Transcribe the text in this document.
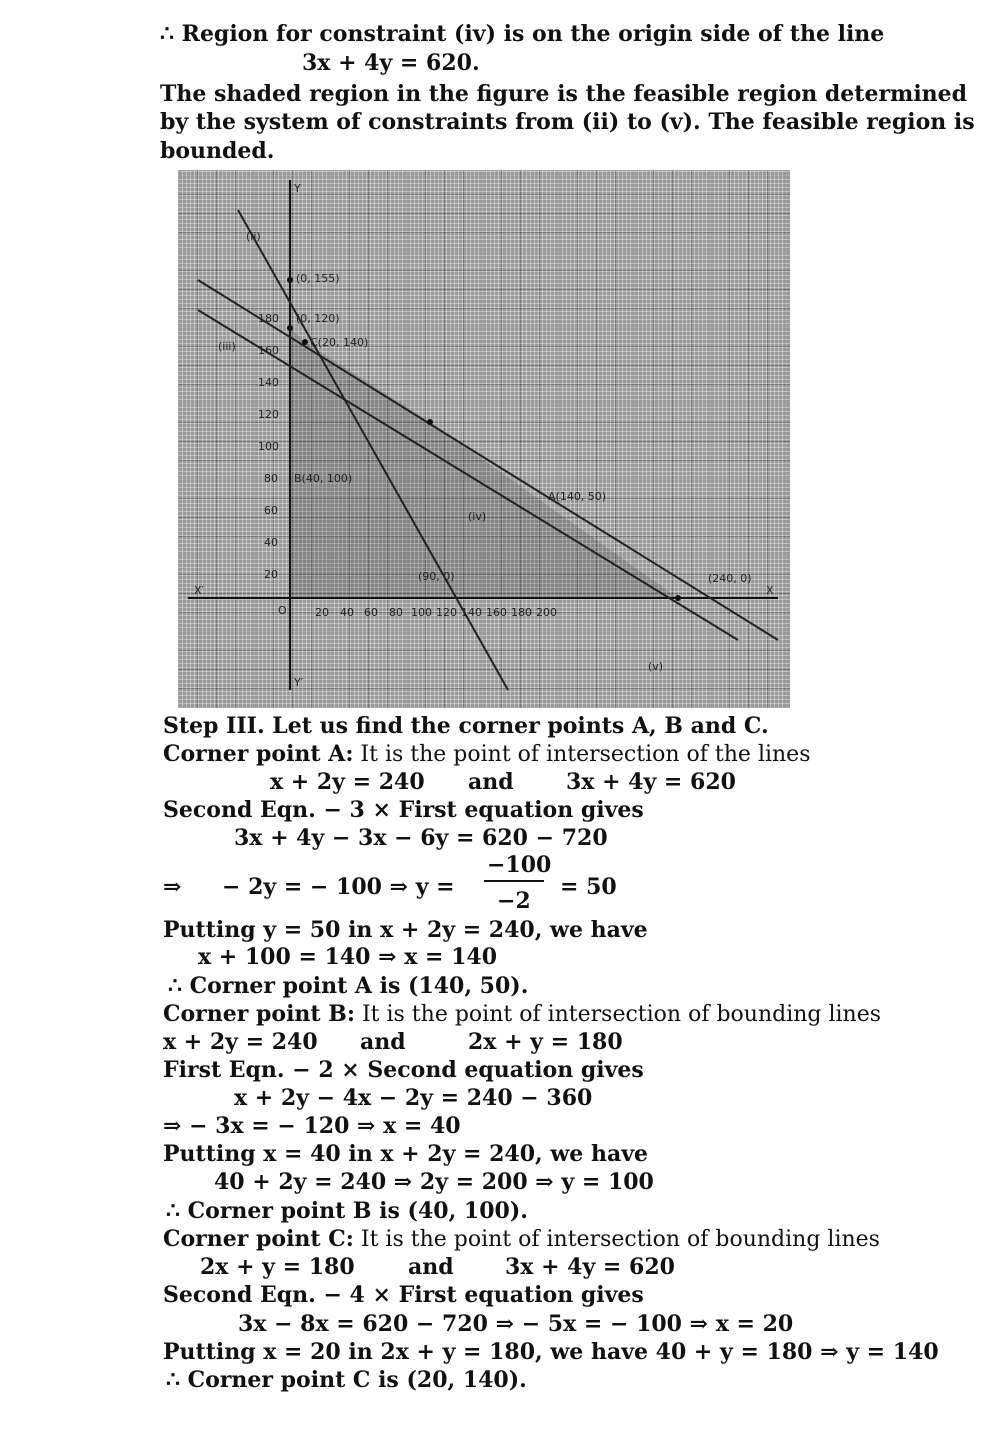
∴ Region for constraint (iv) is on the origin side of the line
3x + 4y = 620.
The shaded region in the figure is the feasible region determined
by the system of constraints from (ii) to (v). The feasible region is
bounded.
X′	X
Y
Y′
O	20 40 60 80 100 120 140 160 180 200
180
160
140
120
100
80
60
40
20
(0, 155)
(0, 120)
C(20, 140)
B(40, 100)
A(140, 50)
(240, 0)
(90, 0)
(ii)
(iii)
(iv)
(v)
Step III. Let us find the corner points A, B and C.
Corner point A: It is the point of intersection of the lines
x + 2y = 240 and 3x + 4y = 620
Second Eqn. − 3 × First equation gives
3x + 4y − 3x − 6y = 620 − 720
−100
⇒ − 2y = − 100 ⇒ y =
−2
= 50
Putting y = 50 in x + 2y = 240, we have
x + 100 = 140 ⇒ x = 140
∴ Corner point A is (140, 50).
Corner point B: It is the point of intersection of bounding lines
x + 2y = 240 and	2x + y = 180
First Eqn. − 2 × Second equation gives
x + 2y − 4x − 2y = 240 − 360
⇒ − 3x = − 120 ⇒ x = 40
Putting x = 40 in x + 2y = 240, we have
40 + 2y = 240 ⇒ 2y = 200 ⇒ y = 100
∴ Corner point B is (40, 100).
Corner point C: It is the point of intersection of bounding lines
2x + y = 180 and 3x + 4y = 620
Second Eqn. − 4 × First equation gives
3x − 8x = 620 − 720 ⇒ − 5x = − 100 ⇒ x = 20
Putting x = 20 in 2x + y = 180, we have 40 + y = 180 ⇒ y = 140
∴ Corner point C is (20, 140).
